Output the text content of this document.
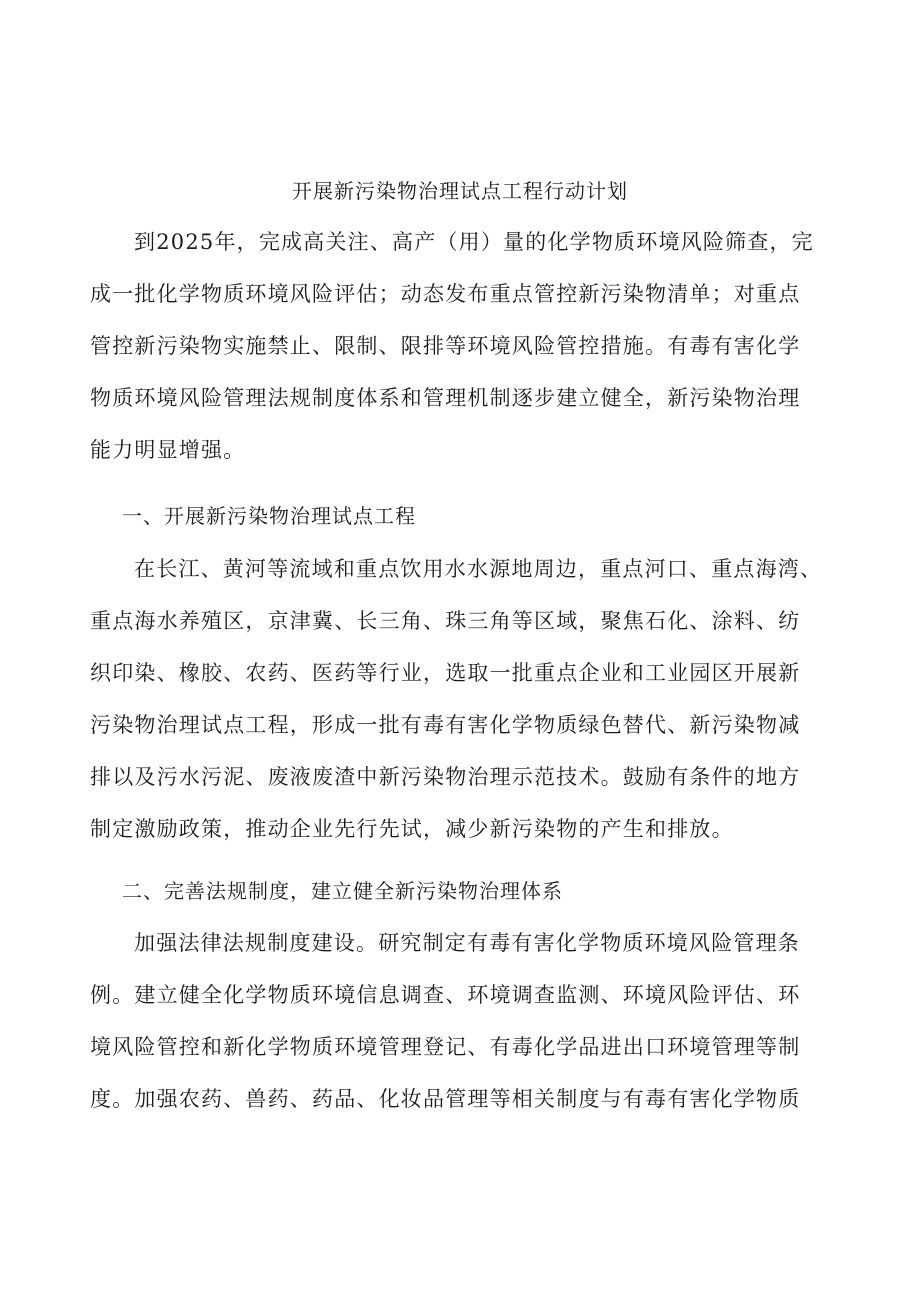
开展新污染物治理试点工程行动计划
到2025年，完成高关注、高产（用）量的化学物质环境风险筛查，完
成一批化学物质环境风险评估；动态发布重点管控新污染物清单；对重点
管控新污染物实施禁止、限制、限排等环境风险管控措施。有毒有害化学
物质环境风险管理法规制度体系和管理机制逐步建立健全，新污染物治理
能力明显增强。
一、开展新污染物治理试点工程
在长江、黄河等流域和重点饮用水水源地周边，重点河口、重点海湾、
重点海水养殖区，京津冀、长三角、珠三角等区域，聚焦石化、涂料、纺
织印染、橡胶、农药、医药等行业，选取一批重点企业和工业园区开展新
污染物治理试点工程，形成一批有毒有害化学物质绿色替代、新污染物减
排以及污水污泥、废液废渣中新污染物治理示范技术。鼓励有条件的地方
制定激励政策，推动企业先行先试，减少新污染物的产生和排放。
二、完善法规制度，建立健全新污染物治理体系
加强法律法规制度建设。研究制定有毒有害化学物质环境风险管理条
例。建立健全化学物质环境信息调查、环境调查监测、环境风险评估、环
境风险管控和新化学物质环境管理登记、有毒化学品进出口环境管理等制
度。加强农药、兽药、药品、化妆品管理等相关制度与有毒有害化学物质
